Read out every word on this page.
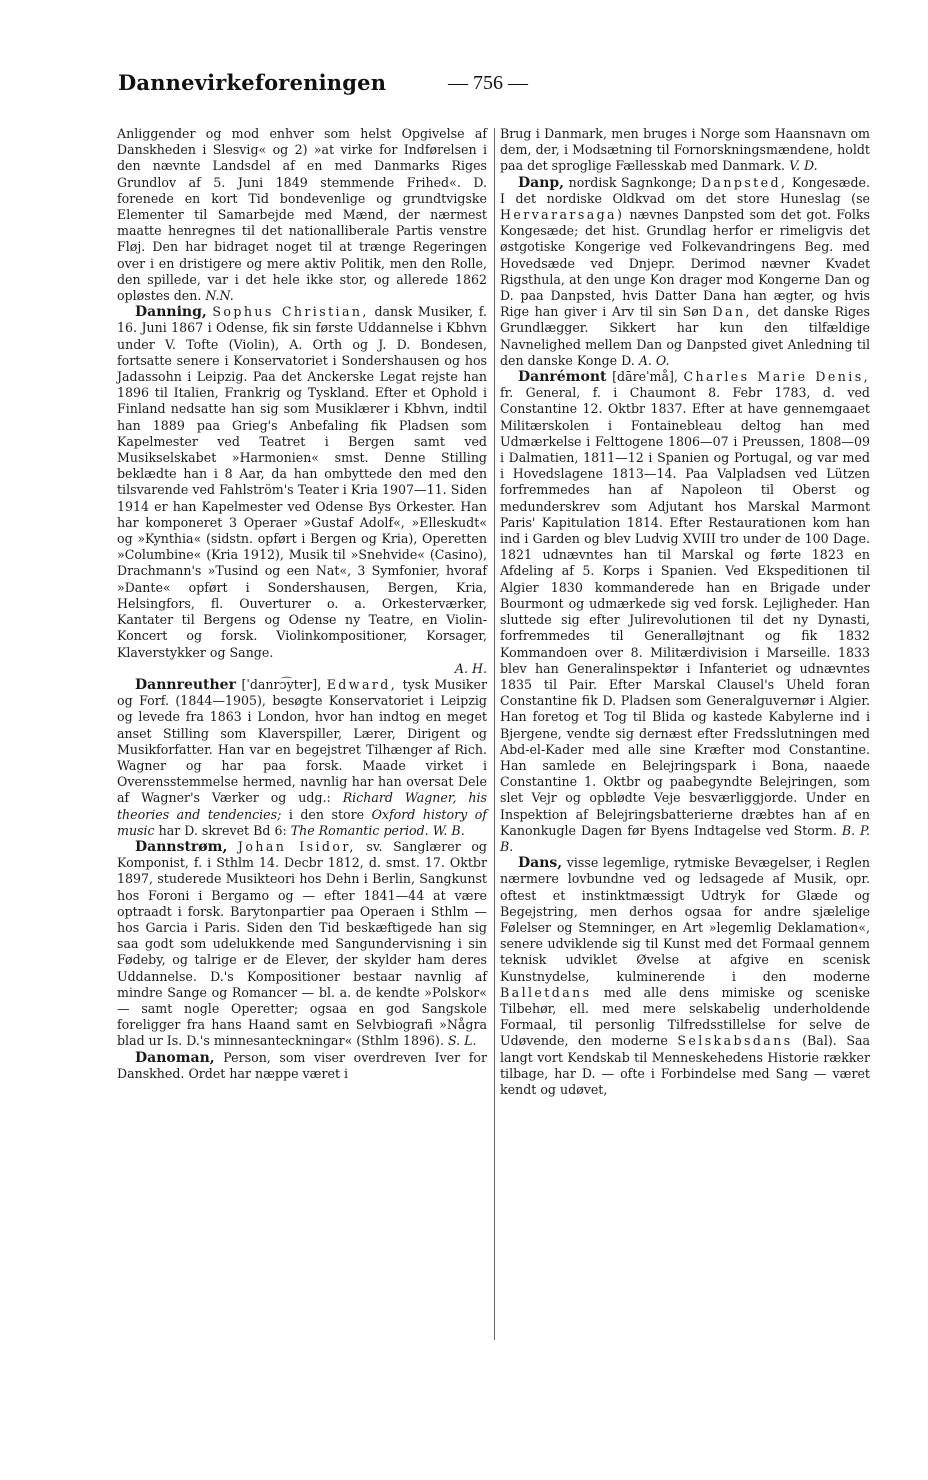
Dannevirkeforeningen	— 756 —

Anliggender og mod enhver som helst Opgivelse af Danskheden i Slesvig« og 2) »at virke for Indførelsen i den nævnte Landsdel af en med Danmarks Riges Grundlov af 5. Juni 1849 stemmende Frihed«. D. forenede en kort Tid bondevenlige og grundtvigske Elementer til Samarbejde med Mænd, der nærmest maatte henregnes til det nationalliberale Partis venstre Fløj. Den har bidraget noget til at trænge Regeringen over i en dristigere og mere aktiv Politik, men den Rolle, den spillede, var i det hele ikke stor, og allerede 1862 opløstes den. N.N.

Danning, Sophus Christian, dansk Musiker, f. 16. Juni 1867 i Odense, fik sin første Uddannelse i Kbhvn under V. Tofte (Violin), A. Orth og J. D. Bondesen, fortsatte senere i Konservatoriet i Sondershausen og hos Jadassohn i Leipzig. Paa det Anckerske Legat rejste han 1896 til Italien, Frankrig og Tyskland. Efter et Ophold i Finland nedsatte han sig som Musiklærer i Kbhvn, indtil han 1889 paa Grieg's Anbefaling fik Pladsen som Kapelmester ved Teatret i Bergen samt ved Musikselskabet »Harmonien« smst. Denne Stilling beklædte han i 8 Aar, da han ombyttede den med den tilsvarende ved Fahlström's Teater i Kria 1907—11. Siden 1914 er han Kapelmester ved Odense Bys Orkester. Han har komponeret 3 Operaer »Gustaf Adolf«, »Elleskudt« og »Kynthia« (sidstn. opført i Bergen og Kria), Operetten »Columbine« (Kria 1912), Musik til »Snehvide« (Casino), Drachmann's »Tusind og een Nat«, 3 Symfonier, hvoraf »Dante« opført i Sondershausen, Bergen, Kria, Helsingfors, fl. Ouverturer o. a. Orkesterværker, Kantater til Bergens og Odense ny Teatre, en Violin-Koncert og forsk. Violinkompositioner, Korsager, Klaverstykker og Sange.

A. H.

Dannreuther [ˈdanrɔ͡ytɐr], Edward, tysk Musiker og Forf. (1844—1905), besøgte Konservatoriet i Leipzig og levede fra 1863 i London, hvor han indtog en meget anset Stilling som Klaverspiller, Lærer, Dirigent og Musikforfatter. Han var en begejstret Tilhænger af Rich. Wagner og har paa forsk. Maade virket i Overensstemmelse hermed, navnlig har han oversat Dele af Wagner's Værker og udg.: Richard Wagner, his theories and tendencies; i den store Oxford history of music har D. skrevet Bd 6: The Romantic period. W. B.

Dannstrøm, Johan Isidor, sv. Sanglærer og Komponist, f. i Sthlm 14. Decbr 1812, d. smst. 17. Oktbr 1897, studerede Musikteori hos Dehn i Berlin, Sangkunst hos Foroni i Bergamo og — efter 1841—44 at være optraadt i forsk. Barytonpartier paa Operaen i Sthlm — hos Garcia i Paris. Siden den Tid beskæftigede han sig saa godt som udelukkende med Sangundervisning i sin Fødeby, og talrige er de Elever, der skylder ham deres Uddannelse. D.'s Kompositioner bestaar navnlig af mindre Sange og Romancer — bl. a. de kendte »Polskor« — samt nogle Operetter; ogsaa en god Sangskole foreligger fra hans Haand samt en Selvbiografi »Några blad ur Is. D.'s minnesanteckningar« (Sthlm 1896). S. L.

Danoman, Person, som viser overdreven Iver for Danskhed. Ordet har næppe været i

Brug i Danmark, men bruges i Norge som Haansnavn om dem, der, i Modsætning til Fornorskningsmændene, holdt paa det sproglige Fællesskab med Danmark. V. D.

Danp, nordisk Sagnkonge; Danpsted, Kongesæde. I det nordiske Oldkvad om det store Huneslag (se Hervararsaga) nævnes Danpsted som det got. Folks Kongesæde; det hist. Grundlag herfor er rimeligvis det østgotiske Kongerige ved Folkevandringens Beg. med Hovedsæde ved Dnjepr. Derimod nævner Kvadet Rigsthula, at den unge Kon drager mod Kongerne Dan og D. paa Danpsted, hvis Datter Dana han ægter, og hvis Rige han giver i Arv til sin Søn Dan, det danske Riges Grundlægger. Sikkert har kun den tilfældige Navnelighed mellem Dan og Danpsted givet Anledning til den danske Konge D. A. O.

Danrémont [dārеˈmå], Charles Marie Denis, fr. General, f. i Chaumont 8. Febr 1783, d. ved Constantine 12. Oktbr 1837. Efter at have gennemgaaet Militærskolen i Fontainebleau deltog han med Udmærkelse i Felttogene 1806—07 i Preussen, 1808—09 i Dalmatien, 1811—12 i Spanien og Portugal, og var med i Hovedslagene 1813—14. Paa Valpladsen ved Lützen forfremmedes han af Napoleon til Oberst og medunderskrev som Adjutant hos Marskal Marmont Paris' Kapitulation 1814. Efter Restaurationen kom han ind i Garden og blev Ludvig XVIII tro under de 100 Dage. 1821 udnævntes han til Marskal og førte 1823 en Afdeling af 5. Korps i Spanien. Ved Ekspeditionen til Algier 1830 kommanderede han en Brigade under Bourmont og udmærkede sig ved forsk. Lejligheder. Han sluttede sig efter Julirevolutionen til det ny Dynasti, forfremmedes til Generalløjtnant og fik 1832 Kommandoen over 8. Militærdivision i Marseille. 1833 blev han Generalinspektør i Infanteriet og udnævntes 1835 til Pair. Efter Marskal Clausel's Uheld foran Constantine fik D. Pladsen som Generalguvernør i Algier. Han foretog et Tog til Blida og kastede Kabylerne ind i Bjergene, vendte sig dernæst efter Fredsslutningen med Abd-el-Kader med alle sine Kræfter mod Constantine. Han samlede en Belejringspark i Bona, naaede Constantine 1. Oktbr og paabegyndte Belejringen, som slet Vejr og opblødte Veje besværliggjorde. Under en Inspektion af Belejringsbatterierne dræbtes han af en Kanonkugle Dagen før Byens Indtagelse ved Storm. B. P. B.

Dans, visse legemlige, rytmiske Bevægelser, i Reglen nærmere lovbundne ved og ledsagede af Musik, opr. oftest et instinktmæssigt Udtryk for Glæde og Begejstring, men derhos ogsaa for andre sjælelige Følelser og Stemninger, en Art »legemlig Deklamation«, senere udviklende sig til Kunst med det Formaal gennem teknisk udviklet Øvelse at afgive en scenisk Kunstnydelse, kulminerende i den moderne Balletdans med alle dens mimiske og sceniske Tilbehør, ell. med mere selskabelig underholdende Formaal, til personlig Tilfredsstillelse for selve de Udøvende, den moderne Selskabsdans (Bal). Saa langt vort Kendskab til Menneskehedens Historie rækker tilbage, har D. — ofte i Forbindelse med Sang — været kendt og udøvet,
